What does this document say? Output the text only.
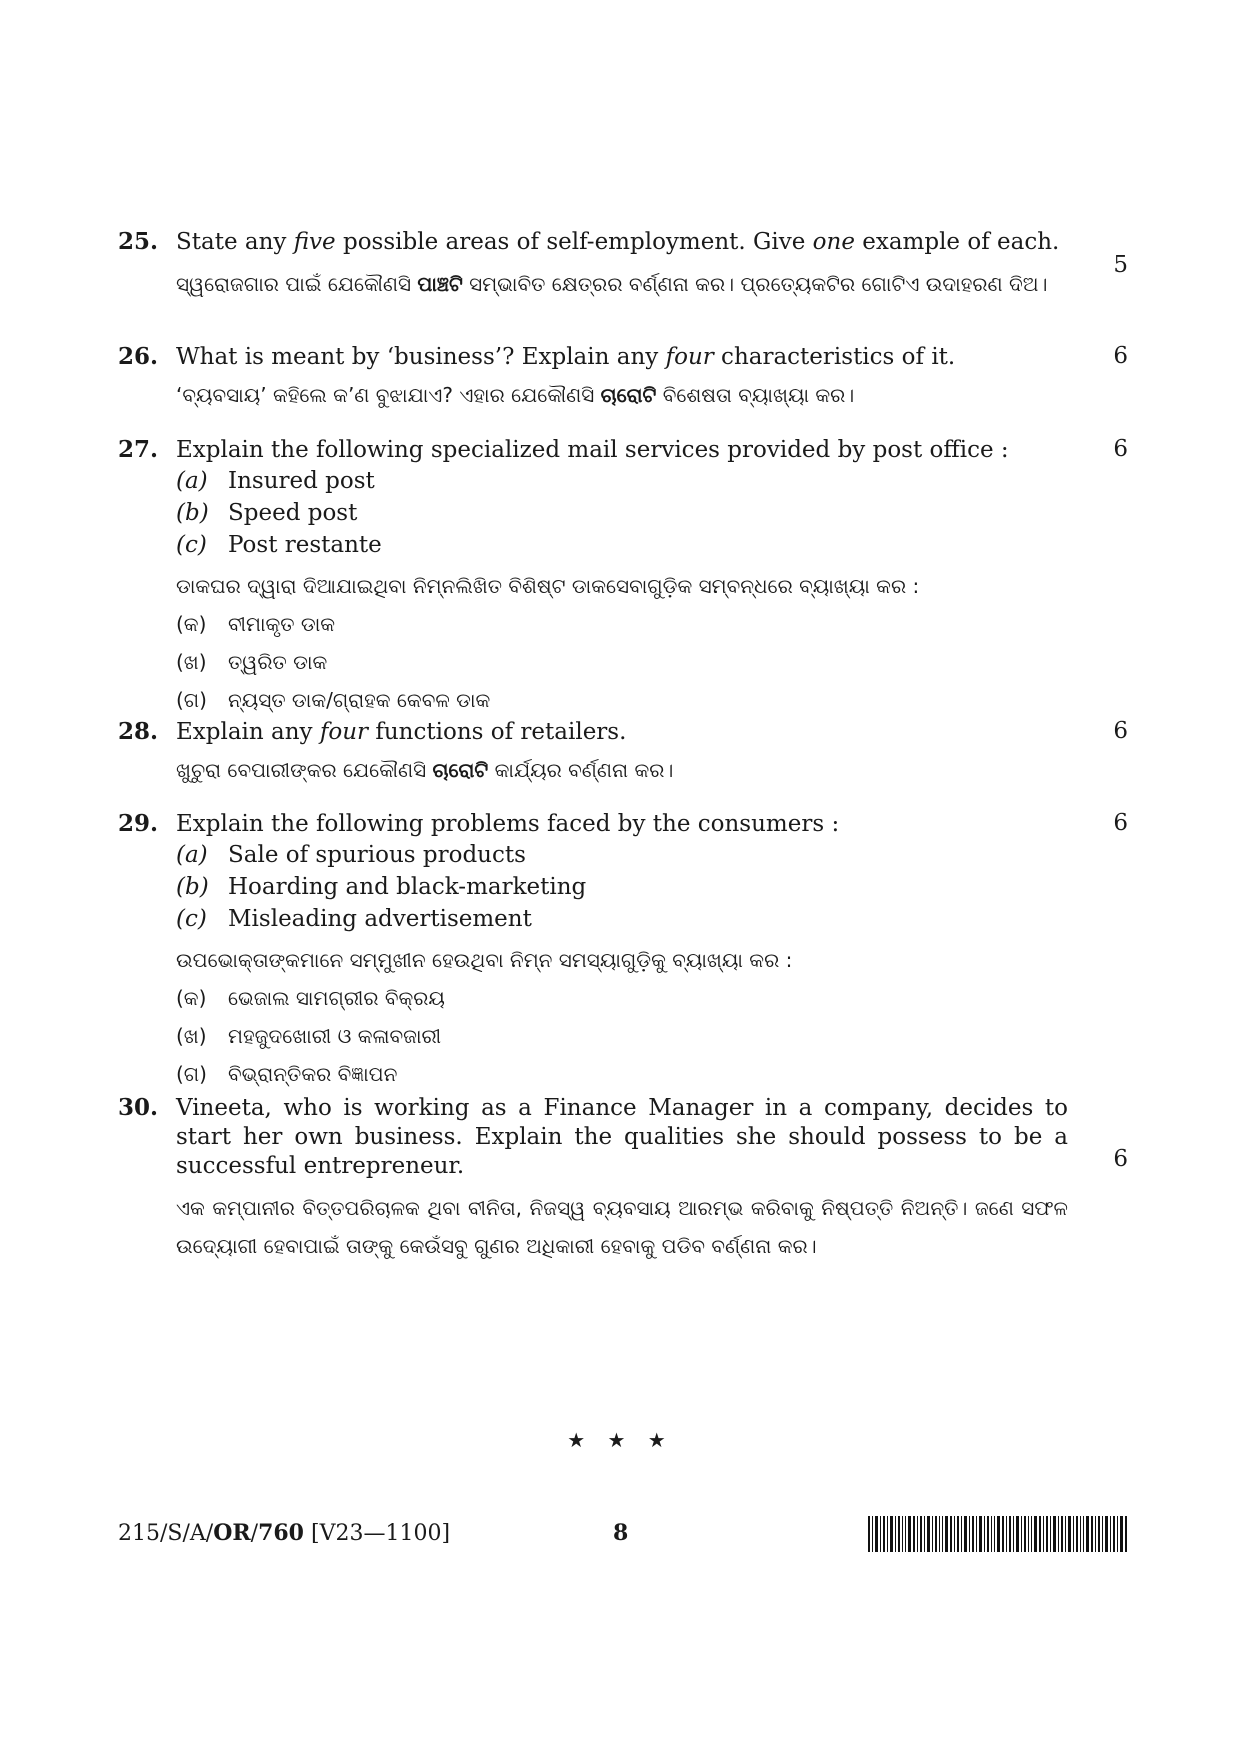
25. State any five possible areas of self-employment. Give one example of each.
5
ସ୍ୱରୋଜଗାର ପାଇଁ ଯେକୌଣସି ପାଞ୍ଚଟି ସମ୍ଭାବିତ କ୍ଷେତ୍ରର ବର୍ଣ୍ଣନା କର। ପ୍ରତ୍ୟେକଟିର ଗୋଟିଏ ଉଦାହରଣ ଦିଅ।
26. What is meant by ‘business’? Explain any four characteristics of it.	6
‘ବ୍ୟବସାୟ’ କହିଲେ କ’ଣ ବୁଝାଯାଏ? ଏହାର ଯେକୌଣସି ଚାରୋଟି ବିଶେଷତା ବ୍ୟାଖ୍ୟା କର।
27. Explain the following specialized mail services provided by post office :	6
(a) Insured post
(b) Speed post
(c) Post restante
ଡାକଘର ଦ୍ୱାରା ଦିଆଯାଇଥିବା ନିମ୍ନଲିଖିତ ବିଶିଷ୍ଟ ଡାକସେବାଗୁଡ଼ିକ ସମ୍ବନ୍ଧରେ ବ୍ୟାଖ୍ୟା କର :
(କ) ବୀମାକୃତ ଡାକ
(ଖ) ତ୍ୱରିତ ଡାକ
(ଗ) ନ୍ୟସ୍ତ ଡାକ/ଗ୍ରାହକ କେବଳ ଡାକ
28. Explain any four functions of retailers.	6
ଖୁଚୁରା ବେପାରୀଙ୍କର ଯେକୌଣସି ଚାରୋଟି କାର୍ଯ୍ୟର ବର୍ଣ୍ଣନା କର।
29. Explain the following problems faced by the consumers :	6
(a) Sale of spurious products
(b) Hoarding and black-marketing
(c) Misleading advertisement
ଉପଭୋକ୍ତାଙ୍କମାନେ ସମ୍ମୁଖୀନ ହେଉଥିବା ନିମ୍ନ ସମସ୍ୟାଗୁଡ଼ିକୁ ବ୍ୟାଖ୍ୟା କର :
(କ) ଭେଜାଲ ସାମଗ୍ରୀର ବିକ୍ରୟ
(ଖ) ମହଜୁଦଖୋରୀ ଓ କଳାବଜାରୀ
(ଗ) ବିଭ୍ରାନ୍ତିକର ବିଜ୍ଞାପନ
30. Vineeta, who is working as a Finance Manager in a company, decides to start her own business. Explain the qualities she should possess to be a successful entrepreneur.	6
ଏକ କମ୍ପାନୀର ବିତ୍ତପରିଚାଳକ ଥିବା ବୀନିତା, ନିଜସ୍ୱ ବ୍ୟବସାୟ ଆରମ୍ଭ କରିବାକୁ ନିଷ୍ପତ୍ତି ନିଅନ୍ତି। ଜଣେ ସଫଳ ଉଦ୍ୟୋଗୀ ହେବାପାଇଁ ତାଙ୍କୁ କେଉଁସବୁ ଗୁଣର ଅଧିକାରୀ ହେବାକୁ ପଡିବ ବର୍ଣ୍ଣନା କର।
★ ★ ★
215/S/A/OR/760 [V23—1100]	8
